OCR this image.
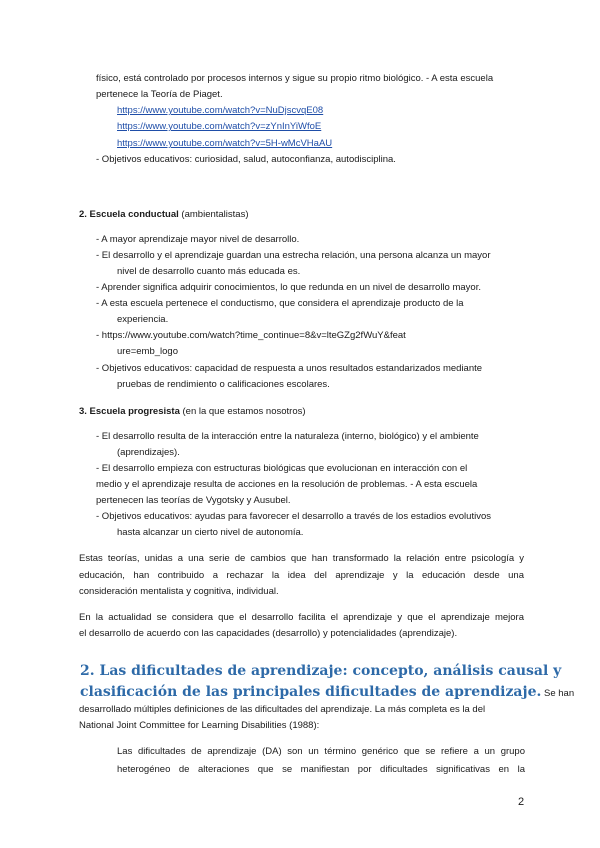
físico, está controlado por procesos internos y sigue su propio ritmo biológico. - A esta escuela
pertenece la Teoría de Piaget.
https://www.youtube.com/watch?v=NuDjscvqE08
https://www.youtube.com/watch?v=zYnInYiWfoE
https://www.youtube.com/watch?v=5H-wMcVHaAU
- Objetivos educativos: curiosidad, salud, autoconfianza, autodisciplina.
2. Escuela conductual (ambientalistas)
- A mayor aprendizaje mayor nivel de desarrollo.
- El desarrollo y el aprendizaje guardan una estrecha relación, una persona alcanza un mayor
nivel de desarrollo cuanto más educada es.
- Aprender significa adquirir conocimientos, lo que redunda en un nivel de desarrollo mayor.
- A esta escuela pertenece el conductismo, que considera el aprendizaje producto de la
experiencia.
- https://www.youtube.com/watch?time_continue=8&v=lteGZg2fWuY&feat
ure=emb_logo
- Objetivos educativos: capacidad de respuesta a unos resultados estandarizados mediante
pruebas de rendimiento o calificaciones escolares.
3. Escuela progresista (en la que estamos nosotros)
- El desarrollo resulta de la interacción entre la naturaleza (interno, biológico) y el ambiente
(aprendizajes).
- El desarrollo empieza con estructuras biológicas que evolucionan en interacción con el
medio y el aprendizaje resulta de acciones en la resolución de problemas. - A esta escuela
pertenecen las teorías de Vygotsky y Ausubel.
- Objetivos educativos: ayudas para favorecer el desarrollo a través de los estadios evolutivos
hasta alcanzar un cierto nivel de autonomía.
Estas teorías, unidas a una serie de cambios que han transformado la relación entre psicología y
educación, han contribuido a rechazar la idea del aprendizaje y la educación desde una
consideración mentalista y cognitiva, individual.
En la actualidad se considera que el desarrollo facilita el aprendizaje y que el aprendizaje mejora
el desarrollo de acuerdo con las capacidades (desarrollo) y potencialidades (aprendizaje).
2. Las dificultades de aprendizaje: concepto, análisis causal y
clasificación de las principales dificultades de aprendizaje. Se han
desarrollado múltiples definiciones de las dificultades del aprendizaje. La más completa es la del
National Joint Committee for Learning Disabilities (1988):
Las dificultades de aprendizaje (DA) son un término genérico que se refiere a un grupo
heterogéneo de alteraciones que se manifiestan por dificultades significativas en la
2
